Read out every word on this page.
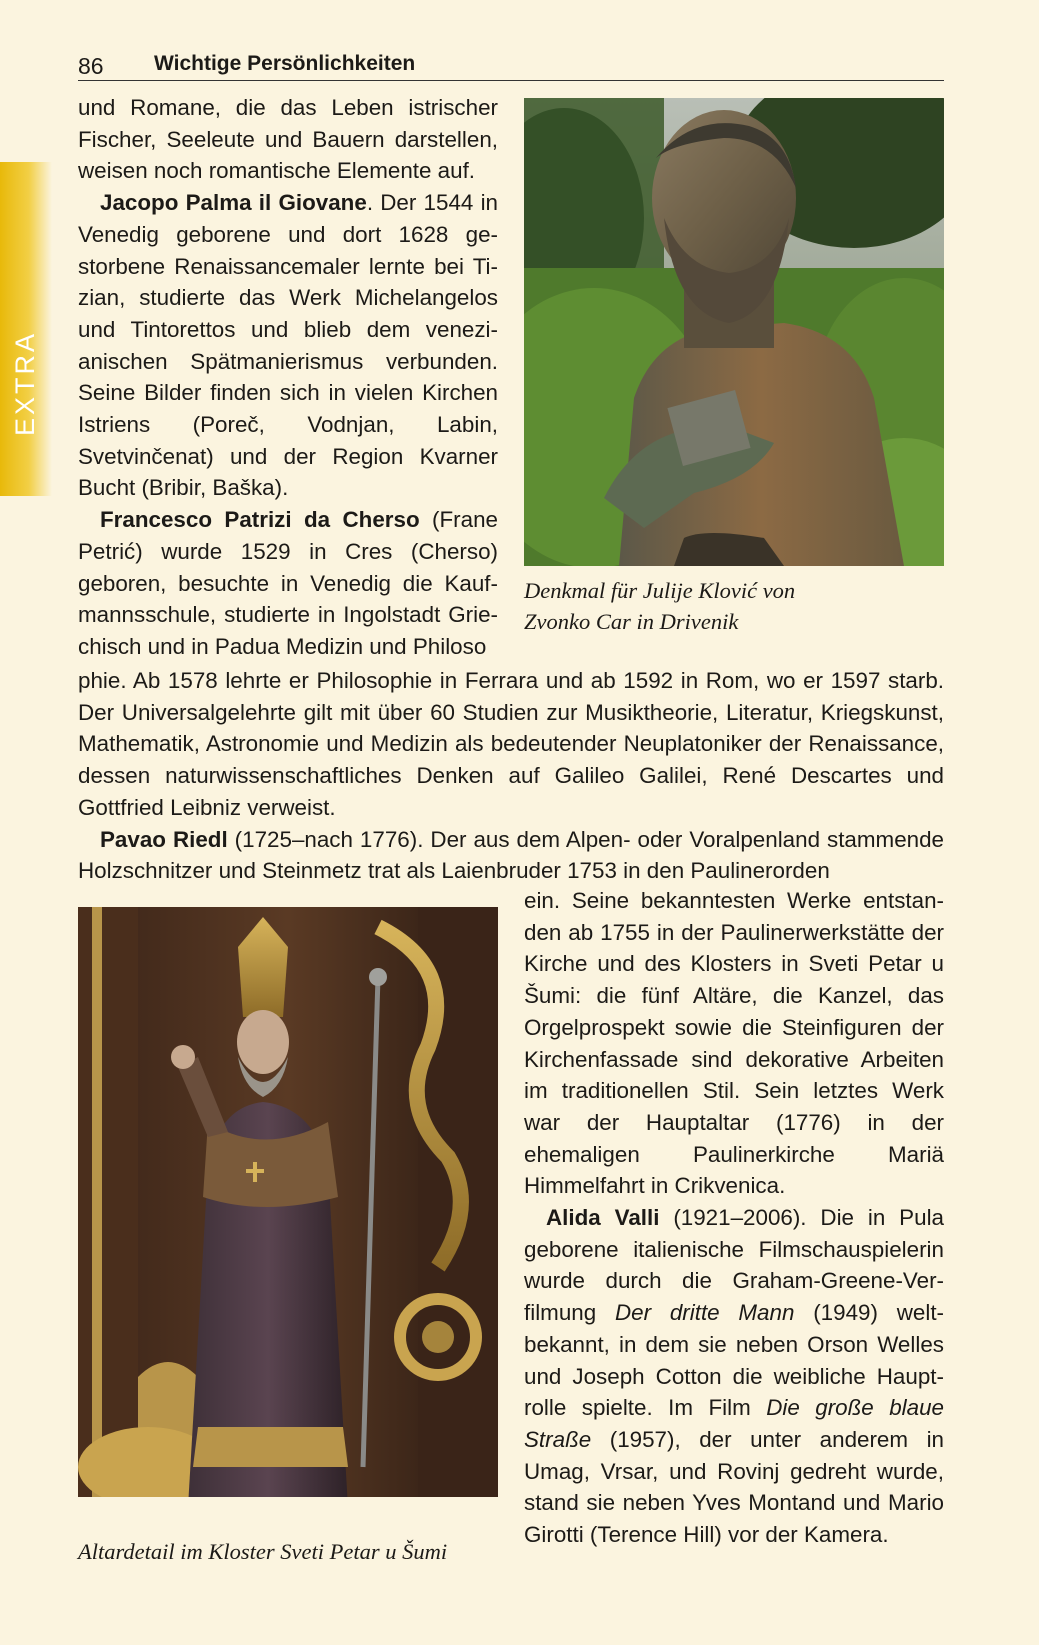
86 Wichtige Persönlichkeiten
EXTRA

und Romane, die das Leben istrischer Fischer, Seeleute und Bauern darstellen, weisen noch romantische Elemente auf.

Jacopo Palma il Giovane. Der 1544 in Venedig geborene und dort 1628 gestorbene Renaissancemaler lernte bei Tizian, studierte das Werk Michelangelos und Tintorettos und blieb dem venezianischen Spätmanierismus verbunden. Seine Bilder finden sich in vielen Kirchen Istriens (Poreč, Vodnjan, Labin, Svetvinčenat) und der Region Kvarner Bucht (Bribir, Baška).

Francesco Patrizi da Cherso (Frane Petrić) wurde 1529 in Cres (Cherso) geboren, besuchte in Venedig die Kaufmannsschule, studierte in Ingolstadt Griechisch und in Padua Medizin und Philoso

Denkmal für Julije Klović von
Zvonko Car in Drivenik

phie. Ab 1578 lehrte er Philosophie in Ferrara und ab 1592 in Rom, wo er 1597 starb. Der Universalgelehrte gilt mit über 60 Studien zur Musiktheorie, Literatur, Kriegskunst, Mathematik, Astronomie und Medizin als bedeutender Neuplatoniker der Renaissance, dessen naturwissenschaftliches Denken auf Galileo Galilei, René Descartes und Gottfried Leibniz verweist.

Pavao Riedl (1725–nach 1776). Der aus dem Alpen- oder Voralpenland stammende Holzschnitzer und Steinmetz trat als Laienbruder 1753 in den Paulinerorden

Altardetail im Kloster Sveti Petar u Šumi

ein. Seine bekanntesten Werke entstanden ab 1755 in der Paulinerwerkstätte der Kirche und des Klosters in Sveti Petar u Šumi: die fünf Altäre, die Kanzel, das Orgelprospekt sowie die Steinfiguren der Kirchenfassade sind dekorative Arbeiten im traditionellen Stil. Sein letztes Werk war der Hauptaltar (1776) in der ehemaligen Paulinerkirche Mariä Himmelfahrt in Crikvenica.

Alida Valli (1921–2006). Die in Pula geborene italienische Filmschauspielerin wurde durch die Graham-Greene-Verfilmung Der dritte Mann (1949) weltbekannt, in dem sie neben Orson Welles und Joseph Cotton die weibliche Hauptrolle spielte. Im Film Die große blaue Straße (1957), der unter anderem in Umag, Vrsar, und Rovinj gedreht wurde, stand sie neben Yves Montand und Mario Girotti (Terence Hill) vor der Kamera.
